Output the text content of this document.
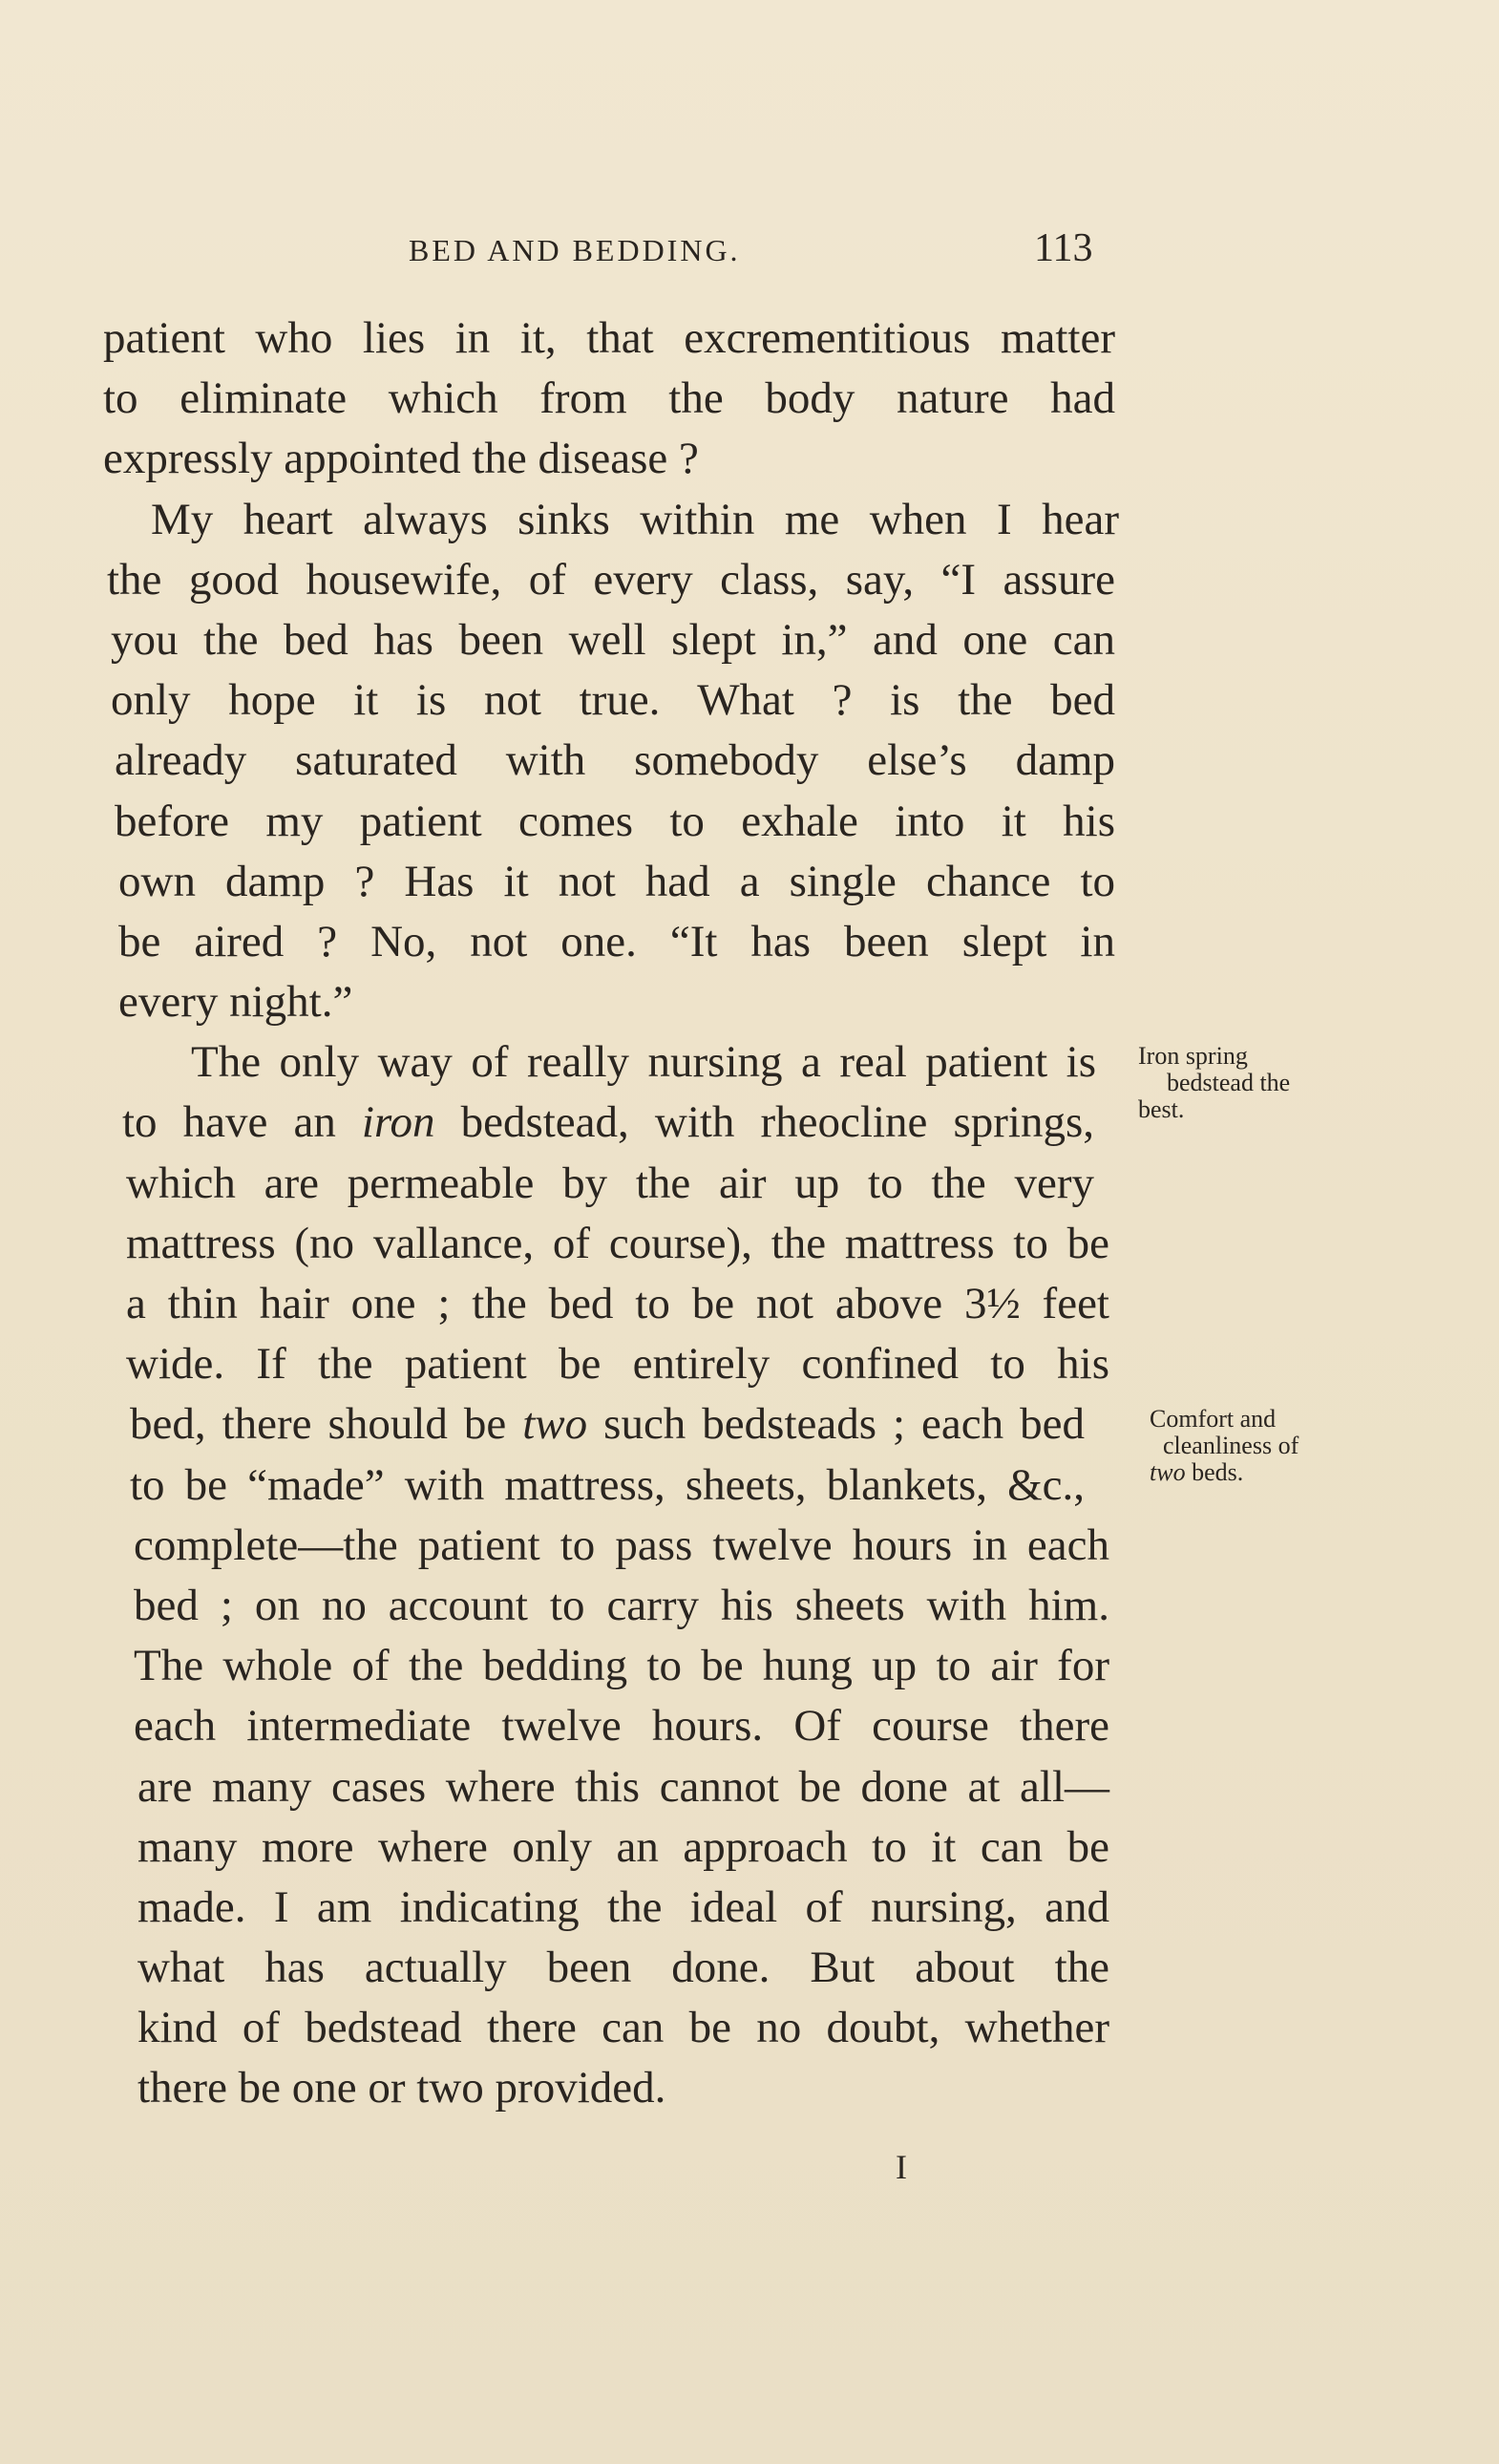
BED AND BEDDING.	113
patient who lies in it, that excrementitious matter
to eliminate which from the body nature had
expressly appointed the disease ?
My heart always sinks within me when I hear
the good housewife, of every class, say, “I assure
you the bed has been well slept in,” and one can
only hope it is not true. What ? is the bed
already saturated with somebody else’s damp
before my patient comes to exhale into it his
own damp ? Has it not had a single chance to
be aired ? No, not one. “It has been slept in
every night.”
The only way of really nursing a real patient is
to have an iron bedstead, with rheocline springs,
which are permeable by the air up to the very
mattress (no vallance, of course), the mattress to be
a thin hair one ; the bed to be not above 3½ feet
wide. If the patient be entirely confined to his
bed, there should be two such bedsteads ; each bed
to be “made” with mattress, sheets, blankets, &c.,
complete—the patient to pass twelve hours in each
bed ; on no account to carry his sheets with him.
The whole of the bedding to be hung up to air for
each intermediate twelve hours. Of course there
are many cases where this cannot be done at all—
many more where only an approach to it can be
made. I am indicating the ideal of nursing, and
what has actually been done. But about the
kind of bedstead there can be no doubt, whether
there be one or two provided.
Iron spring
bedstead the
best.
Comfort and
cleanliness of
two beds.
I
